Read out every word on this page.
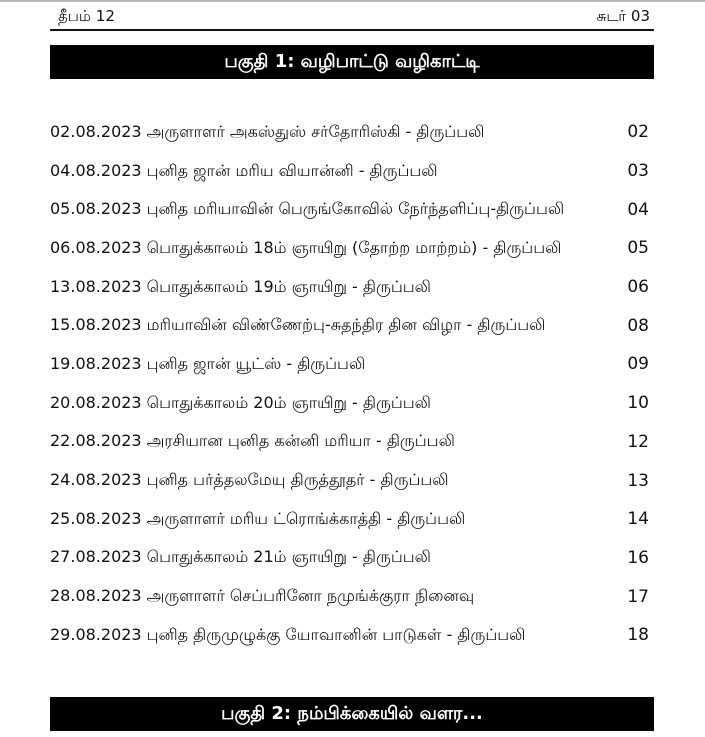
தீபம் 12	சுடர் 03
பகுதி 1: வழிபாட்டு வழிகாட்டி
02.08.2023 அருளாளர் அகஸ்துஸ் சர்தோரிஸ்கி - திருப்பலி	02
04.08.2023 புனித ஜான் மரிய வியான்னி - திருப்பலி	03
05.08.2023 புனித மரியாவின் பெருங்கோவில் நேர்ந்தளிப்பு-திருப்பலி	04
06.08.2023 பொதுக்காலம் 18ம் ஞாயிறு (தோற்ற மாற்றம்) - திருப்பலி	05
13.08.2023 பொதுக்காலம் 19ம் ஞாயிறு - திருப்பலி	06
15.08.2023 மரியாவின் விண்ணேற்பு-சுதந்திர தின விழா - திருப்பலி	08
19.08.2023 புனித ஜான் யூட்ஸ் - திருப்பலி	09
20.08.2023 பொதுக்காலம் 20ம் ஞாயிறு - திருப்பலி	10
22.08.2023 அரசியான புனித கன்னி மரியா - திருப்பலி	12
24.08.2023 புனித பர்த்தலமேயு திருத்தூதர் - திருப்பலி	13
25.08.2023 அருளாளர் மரிய ட்ரொங்க்காத்தி - திருப்பலி	14
27.08.2023 பொதுக்காலம் 21ம் ஞாயிறு - திருப்பலி	16
28.08.2023 அருளாளர் செப்பரினோ நமுங்க்குரா நினைவு	17
29.08.2023 புனித திருமுழுக்கு யோவானின் பாடுகள் - திருப்பலி	18
பகுதி 2: நம்பிக்கையில் வளர...
